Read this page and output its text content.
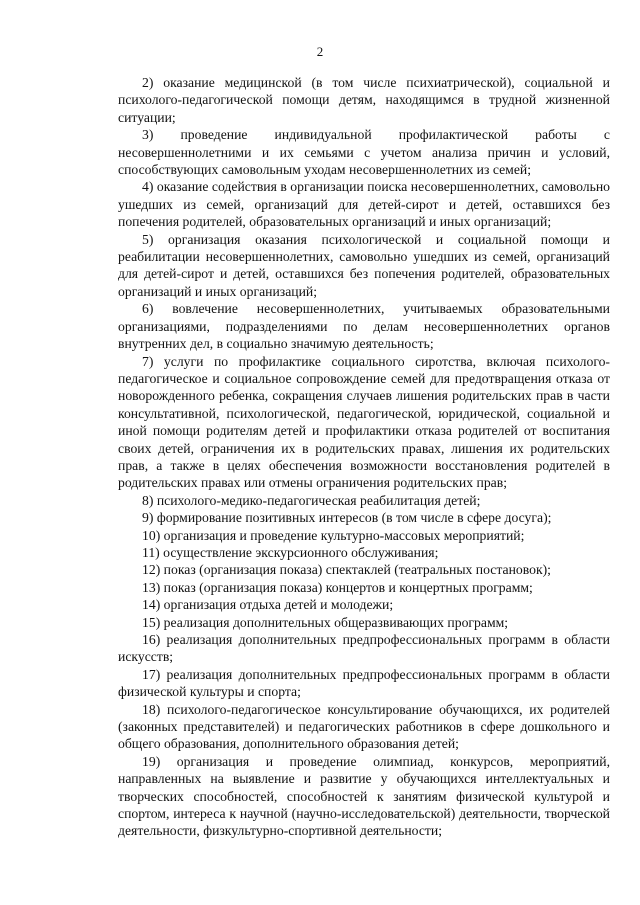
2

2) оказание медицинской (в том числе психиатрической), социальной и психолого-педагогической помощи детям, находящимся в трудной жизненной ситуации;

3) проведение индивидуальной профилактической работы с несовершеннолетними и их семьями с учетом анализа причин и условий, способствующих самовольным уходам несовершеннолетних из семей;

4) оказание содействия в организации поиска несовершеннолетних, самовольно ушедших из семей, организаций для детей-сирот и детей, оставшихся без попечения родителей, образовательных организаций и иных организаций;

5) организация оказания психологической и социальной помощи и реабилитации несовершеннолетних, самовольно ушедших из семей, организаций для детей-сирот и детей, оставшихся без попечения родителей, образовательных организаций и иных организаций;

6) вовлечение несовершеннолетних, учитываемых образовательными организациями, подразделениями по делам несовершеннолетних органов внутренних дел, в социально значимую деятельность;

7) услуги по профилактике социального сиротства, включая психолого-педагогическое и социальное сопровождение семей для предотвращения отказа от новорожденного ребенка, сокращения случаев лишения родительских прав в части консультативной, психологической, педагогической, юридической, социальной и иной помощи родителям детей и профилактики отказа родителей от воспитания своих детей, ограничения их в родительских правах, лишения их родительских прав, а также в целях обеспечения возможности восстановления родителей в родительских правах или отмены ограничения родительских прав;

8) психолого-медико-педагогическая реабилитация детей;

9) формирование позитивных интересов (в том числе в сфере досуга);

10) организация и проведение культурно-массовых мероприятий;

11) осуществление экскурсионного обслуживания;

12) показ (организация показа) спектаклей (театральных постановок);

13) показ (организация показа) концертов и концертных программ;

14) организация отдыха детей и молодежи;

15) реализация дополнительных общеразвивающих программ;

16) реализация дополнительных предпрофессиональных программ в области искусств;

17) реализация дополнительных предпрофессиональных программ в области физической культуры и спорта;

18) психолого-педагогическое консультирование обучающихся, их родителей (законных представителей) и педагогических работников в сфере дошкольного и общего образования, дополнительного образования детей;

19) организация и проведение олимпиад, конкурсов, мероприятий, направленных на выявление и развитие у обучающихся интеллектуальных и творческих способностей, способностей к занятиям физической культурой и спортом, интереса к научной (научно-исследовательской) деятельности, творческой деятельности, физкультурно-спортивной деятельности;
